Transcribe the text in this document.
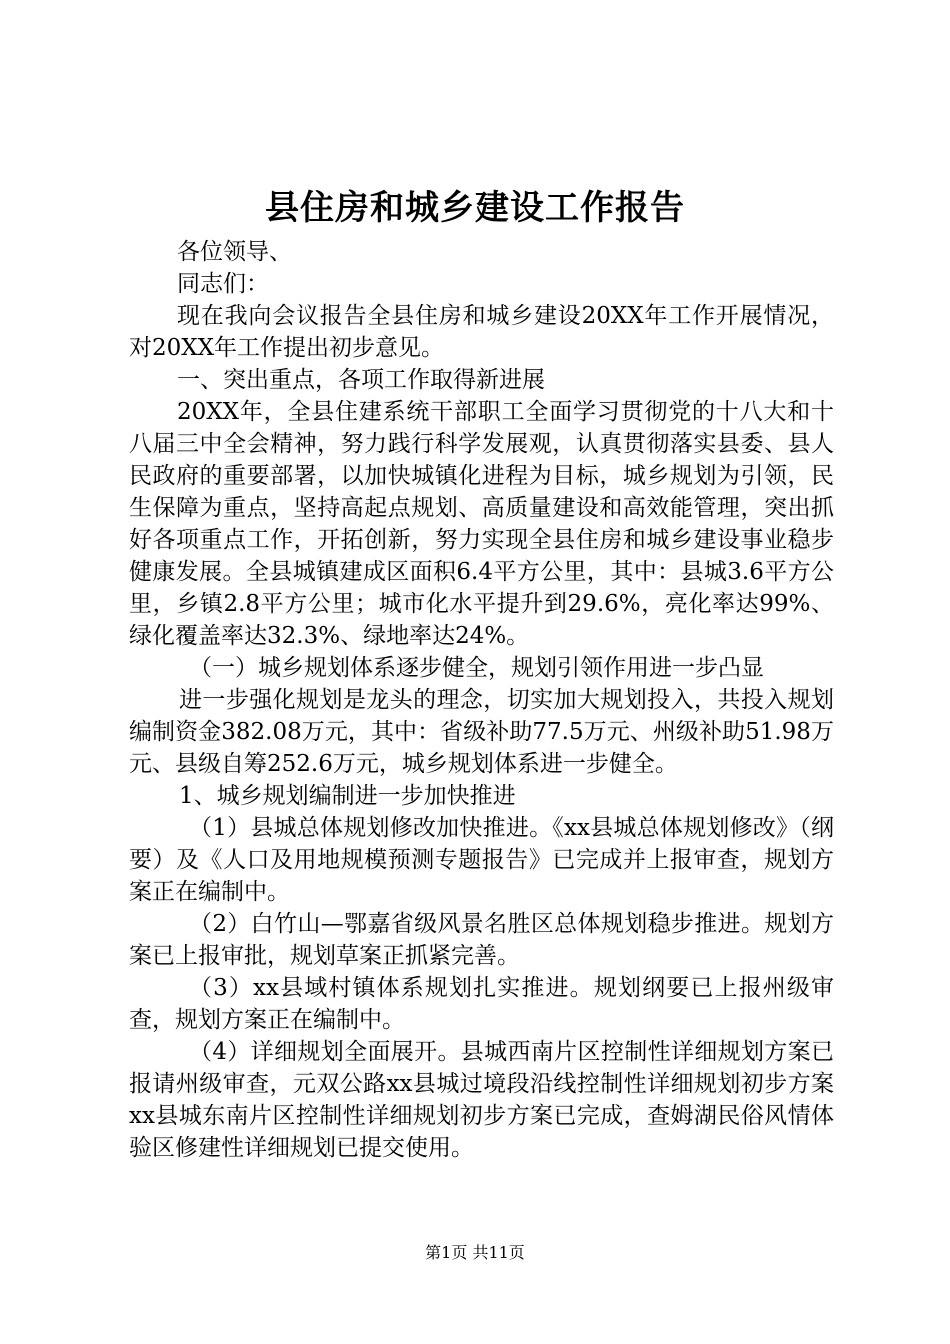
县住房和城乡建设工作报告

各位领导、

同志们：

现在我向会议报告全县住房和城乡建设20XX年工作开展情况，对20XX年工作提出初步意见。

一、突出重点，各项工作取得新进展

20XX年，全县住建系统干部职工全面学习贯彻党的十八大和十八届三中全会精神，努力践行科学发展观，认真贯彻落实县委、县人民政府的重要部署，以加快城镇化进程为目标，城乡规划为引领，民生保障为重点，坚持高起点规划、高质量建设和高效能管理，突出抓好各项重点工作，开拓创新，努力实现全县住房和城乡建设事业稳步健康发展。全县城镇建成区面积6.4平方公里，其中：县城3.6平方公里，乡镇2.8平方公里；城市化水平提升到29.6%，亮化率达99%、绿化覆盖率达32.3%、绿地率达24%。

（一）城乡规划体系逐步健全，规划引领作用进一步凸显

进一步强化规划是龙头的理念，切实加大规划投入，共投入规划编制资金382.08万元，其中：省级补助77.5万元、州级补助51.98万元、县级自筹252.6万元，城乡规划体系进一步健全。

1、城乡规划编制进一步加快推进

（1）县城总体规划修改加快推进。《xx县城总体规划修改》（纲要）及《人口及用地规模预测专题报告》已完成并上报审查，规划方案正在编制中。

（2）白竹山—鄂嘉省级风景名胜区总体规划稳步推进。规划方案已上报审批，规划草案正抓紧完善。

（3）xx县域村镇体系规划扎实推进。规划纲要已上报州级审查，规划方案正在编制中。

（4）详细规划全面展开。县城西南片区控制性详细规划方案已报请州级审查，元双公路xx县城过境段沿线控制性详细规划初步方案xx县城东南片区控制性详细规划初步方案已完成，查姆湖民俗风情体验区修建性详细规划已提交使用。

第1页 共11页
